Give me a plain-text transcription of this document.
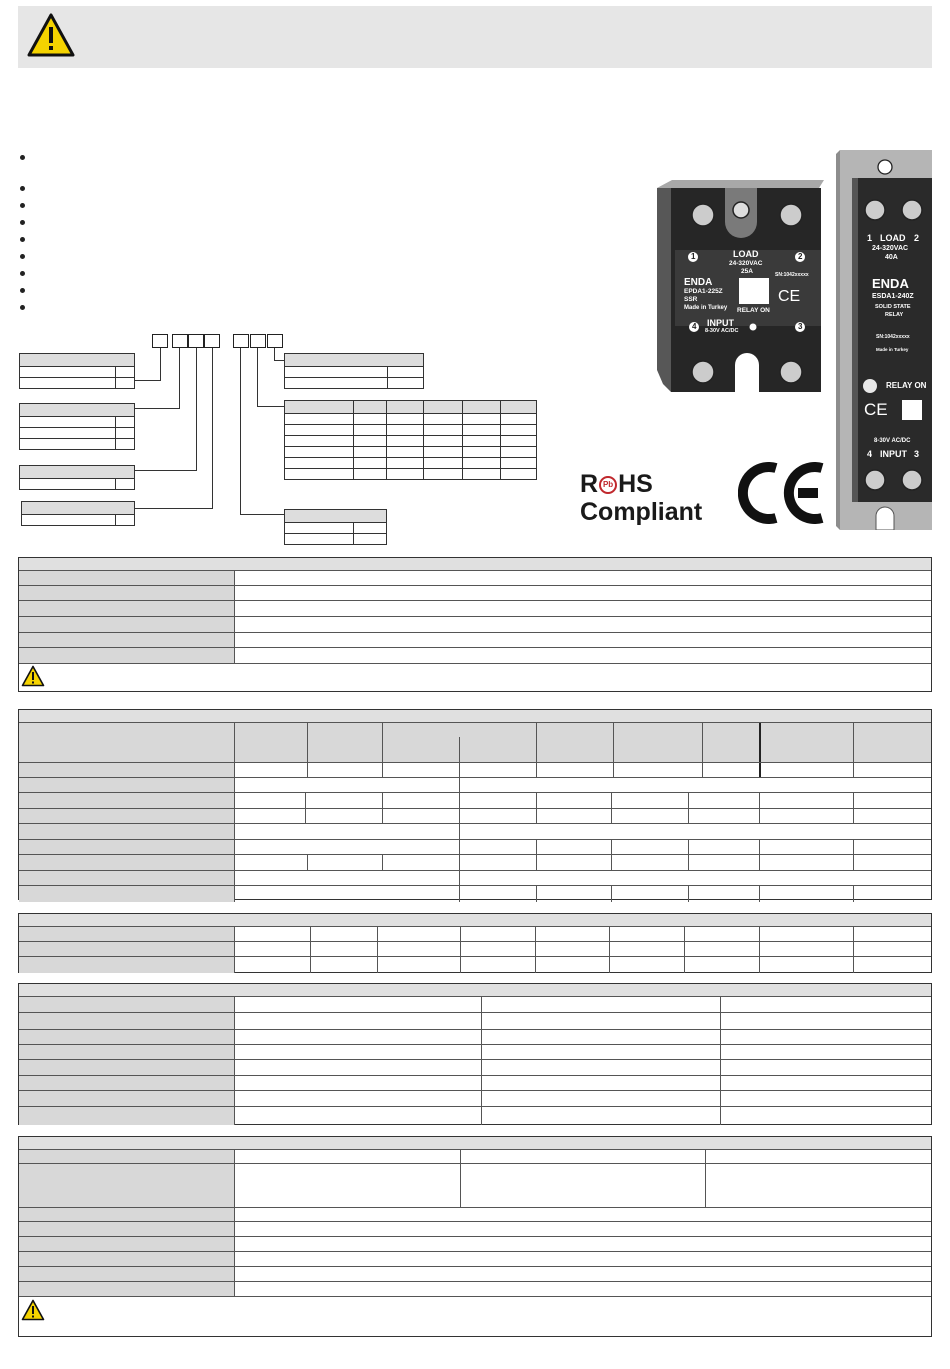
R Pb HS
Compliant
1	LOAD	2
24-320VAC
25A	SN:1042xxxxx
ENDA
EPDA1-225Z
SSR
Made in Turkey
CE
RELAY ON
4 INPUT	3
8-30V AC/DC
1 LOAD 2
24-320VAC
40A
ENDA
ESDA1-240Z
SOLID STATE
RELAY
SN:1042xxxxx
Made in Turkey
RELAY ON
CE
8-30V AC/DC
4 INPUT 3
